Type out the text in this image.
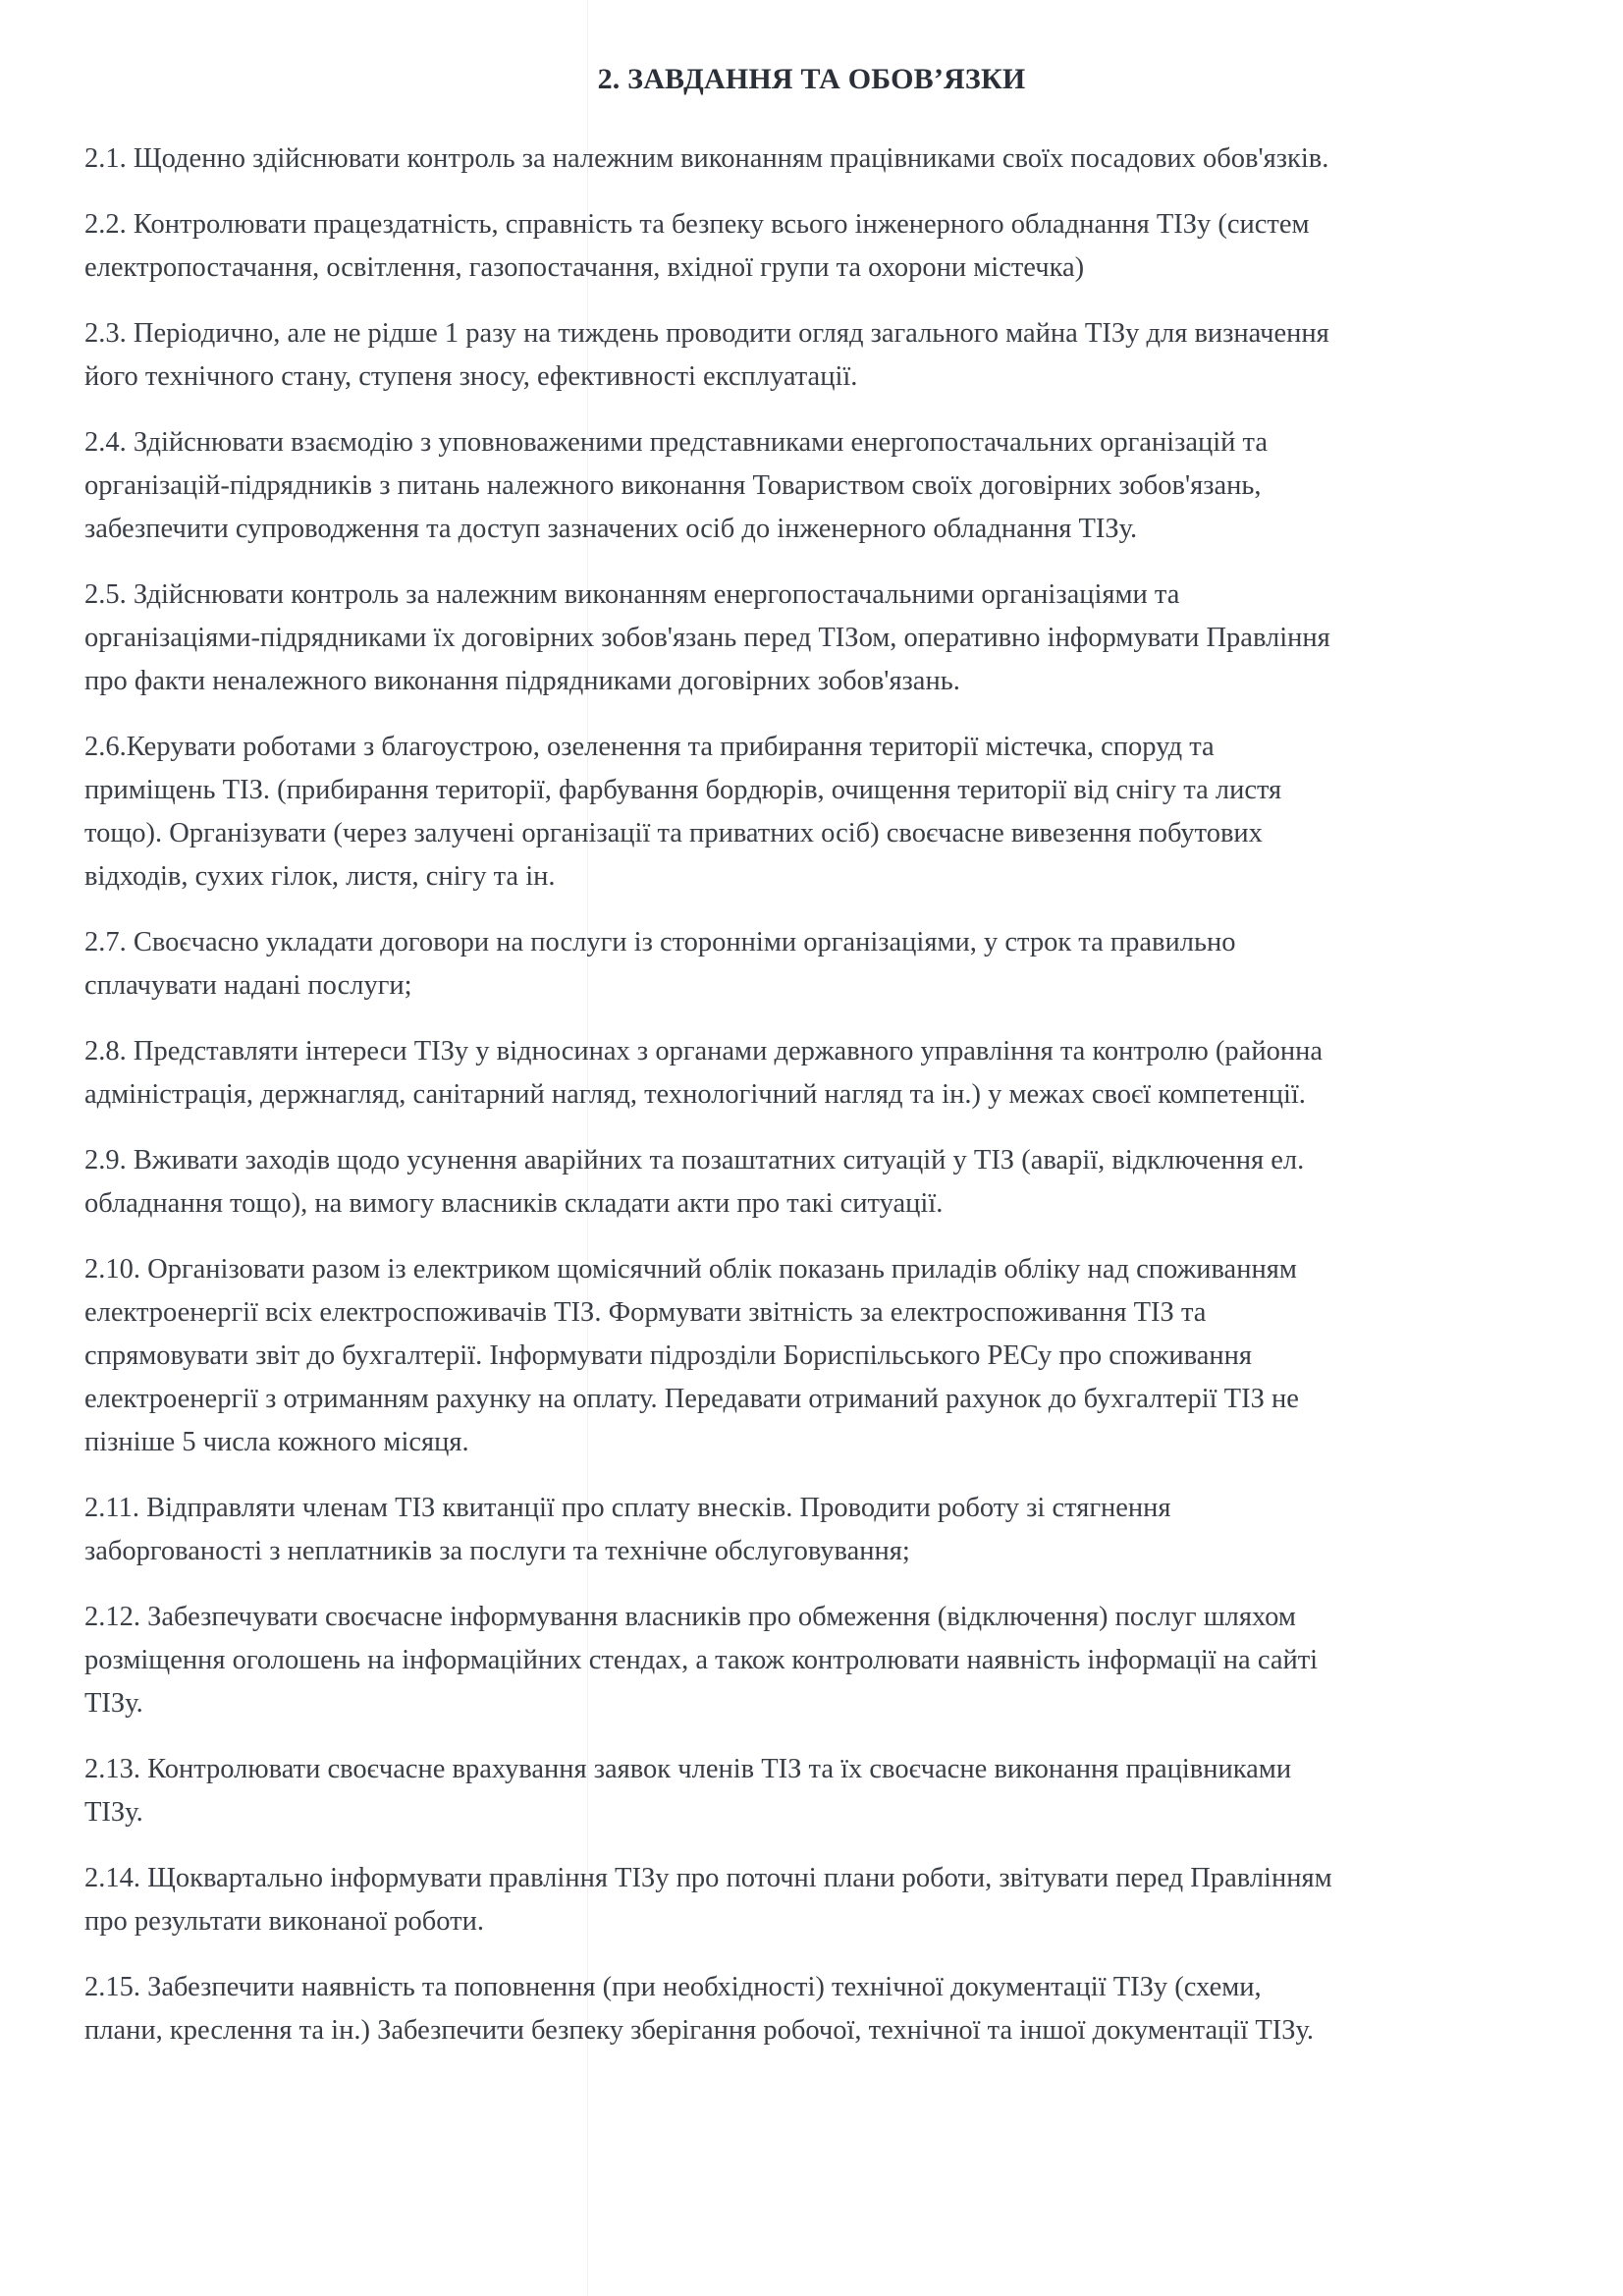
2. ЗАВДАННЯ ТА ОБОВ’ЯЗКИ

2.1. Щоденно здійснювати контроль за належним виконанням працівниками своїх посадових обов'язків.

2.2. Контролювати працездатність, справність та безпеку всього інженерного обладнання ТІЗу (систем
електропостачання, освітлення, газопостачання, вхідної групи та охорони містечка)

2.3. Періодично, але не рідше 1 разу на тиждень проводити огляд загального майна ТІЗу для визначення
його технічного стану, ступеня зносу, ефективності експлуатації.

2.4. Здійснювати взаємодію з уповноваженими представниками енергопостачальних організацій та
організацій-підрядників з питань належного виконання Товариством своїх договірних зобов'язань,
забезпечити супроводження та доступ зазначених осіб до інженерного обладнання ТІЗу.

2.5. Здійснювати контроль за належним виконанням енергопостачальними організаціями та
організаціями-підрядниками їх договірних зобов'язань перед ТІЗом, оперативно інформувати Правління
про факти неналежного виконання підрядниками договірних зобов'язань.

2.6.Керувати роботами з благоустрою, озеленення та прибирання території містечка, споруд та
приміщень ТІЗ. (прибирання території, фарбування бордюрів, очищення території від снігу та листя
тощо). Організувати (через залучені організації та приватних осіб) своєчасне вивезення побутових
відходів, сухих гілок, листя, снігу та ін.

2.7. Своєчасно укладати договори на послуги із сторонніми організаціями, у строк та правильно
сплачувати надані послуги;

2.8. Представляти інтереси ТІЗу у відносинах з органами державного управління та контролю (районна
адміністрація, держнагляд, санітарний нагляд, технологічний нагляд та ін.) у межах своєї компетенції.

2.9. Вживати заходів щодо усунення аварійних та позаштатних ситуацій у ТІЗ (аварії, відключення ел.
обладнання тощо), на вимогу власників складати акти про такі ситуації.

2.10. Організовати разом із електриком щомісячний облік показань приладів обліку над споживанням
електроенергії всіх електроспоживачів ТІЗ. Формувати звітність за електроспоживання ТІЗ та
спрямовувати звіт до бухгалтерії. Інформувати підрозділи Бориспільського РЕСу про споживання
електроенергії з отриманням рахунку на оплату. Передавати отриманий рахунок до бухгалтерії ТІЗ не
пізніше 5 числа кожного місяця.

2.11. Відправляти членам ТІЗ квитанції про сплату внесків. Проводити роботу зі стягнення
заборгованості з неплатників за послуги та технічне обслуговування;

2.12. Забезпечувати своєчасне інформування власників про обмеження (відключення) послуг шляхом
розміщення оголошень на інформаційних стендах, а також контролювати наявність інформації на сайті
ТІЗу.

2.13. Контролювати своєчасне врахування заявок членів ТІЗ та їх своєчасне виконання працівниками
ТІЗу.

2.14. Щоквартально інформувати правління ТІЗу про поточні плани роботи, звітувати перед Правлінням
про результати виконаної роботи.

2.15. Забезпечити наявність та поповнення (при необхідності) технічної документації ТІЗу (схеми,
плани, креслення та ін.) Забезпечити безпеку зберігання робочої, технічної та іншої документації ТІЗу.
